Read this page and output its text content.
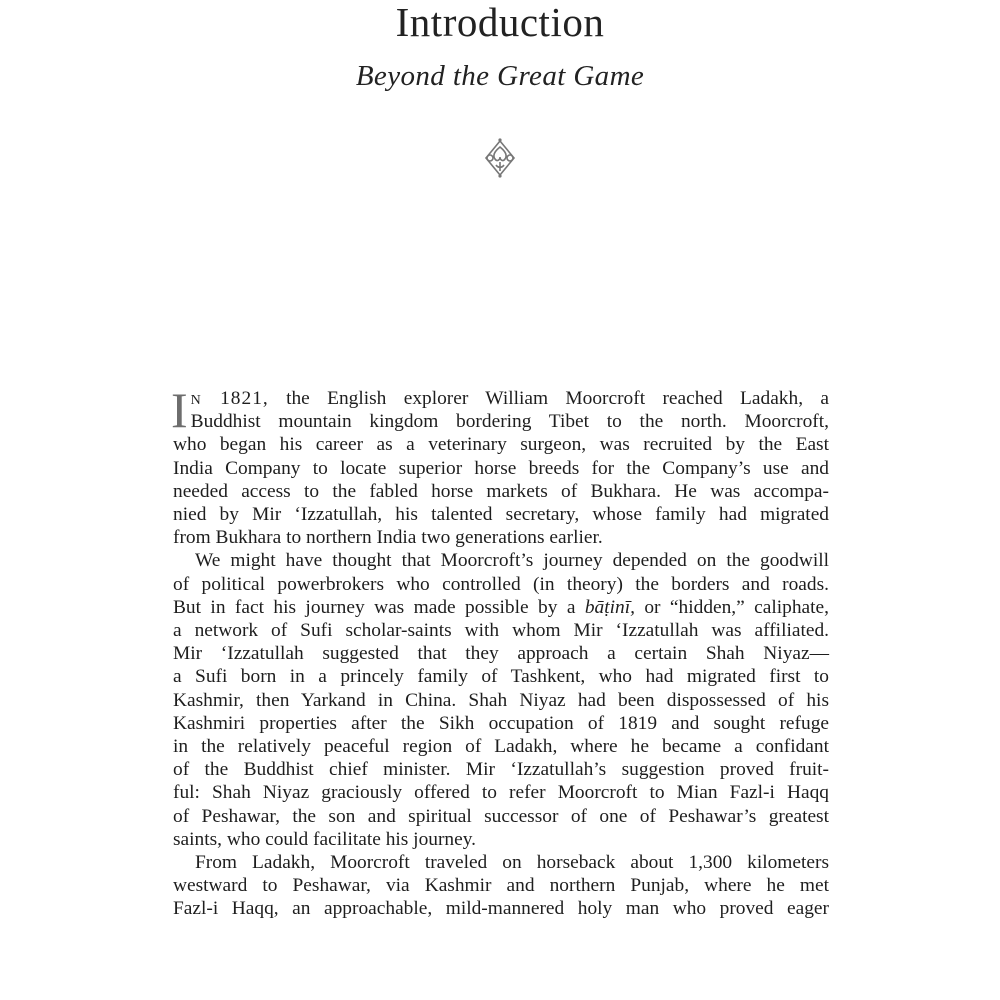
Introduction
Beyond the Great Game

I n 1821, the English explorer William Moorcroft reached Ladakh, a
Buddhist mountain kingdom bordering Tibet to the north. Moorcroft,
who began his career as a veterinary surgeon, was recruited by the East
India Company to locate superior horse breeds for the Company’s use and
needed access to the fabled horse markets of Bukhara. He was accompa-
nied by Mir ‘Izzatullah, his talented secretary, whose family had migrated
from Bukhara to northern India two generations earlier.

We might have thought that Moorcroft’s journey depended on the goodwill
of political powerbrokers who controlled (in theory) the borders and roads.
But in fact his journey was made possible by a bāṭinī, or “hidden,” caliphate,
a network of Sufi scholar-saints with whom Mir ‘Izzatullah was affiliated.
Mir ‘Izzatullah suggested that they approach a certain Shah Niyaz—
a Sufi born in a princely family of Tashkent, who had migrated first to
Kashmir, then Yarkand in China. Shah Niyaz had been dispossessed of his
Kashmiri properties after the Sikh occupation of 1819 and sought refuge
in the relatively peaceful region of Ladakh, where he became a confidant
of the Buddhist chief minister. Mir ‘Izzatullah’s suggestion proved fruit-
ful: Shah Niyaz graciously offered to refer Moorcroft to Mian Fazl-i Haqq
of Peshawar, the son and spiritual successor of one of Peshawar’s greatest
saints, who could facilitate his journey.

From Ladakh, Moorcroft traveled on horseback about 1,300 kilometers
westward to Peshawar, via Kashmir and northern Punjab, where he met
Fazl-i Haqq, an approachable, mild-mannered holy man who proved eager
